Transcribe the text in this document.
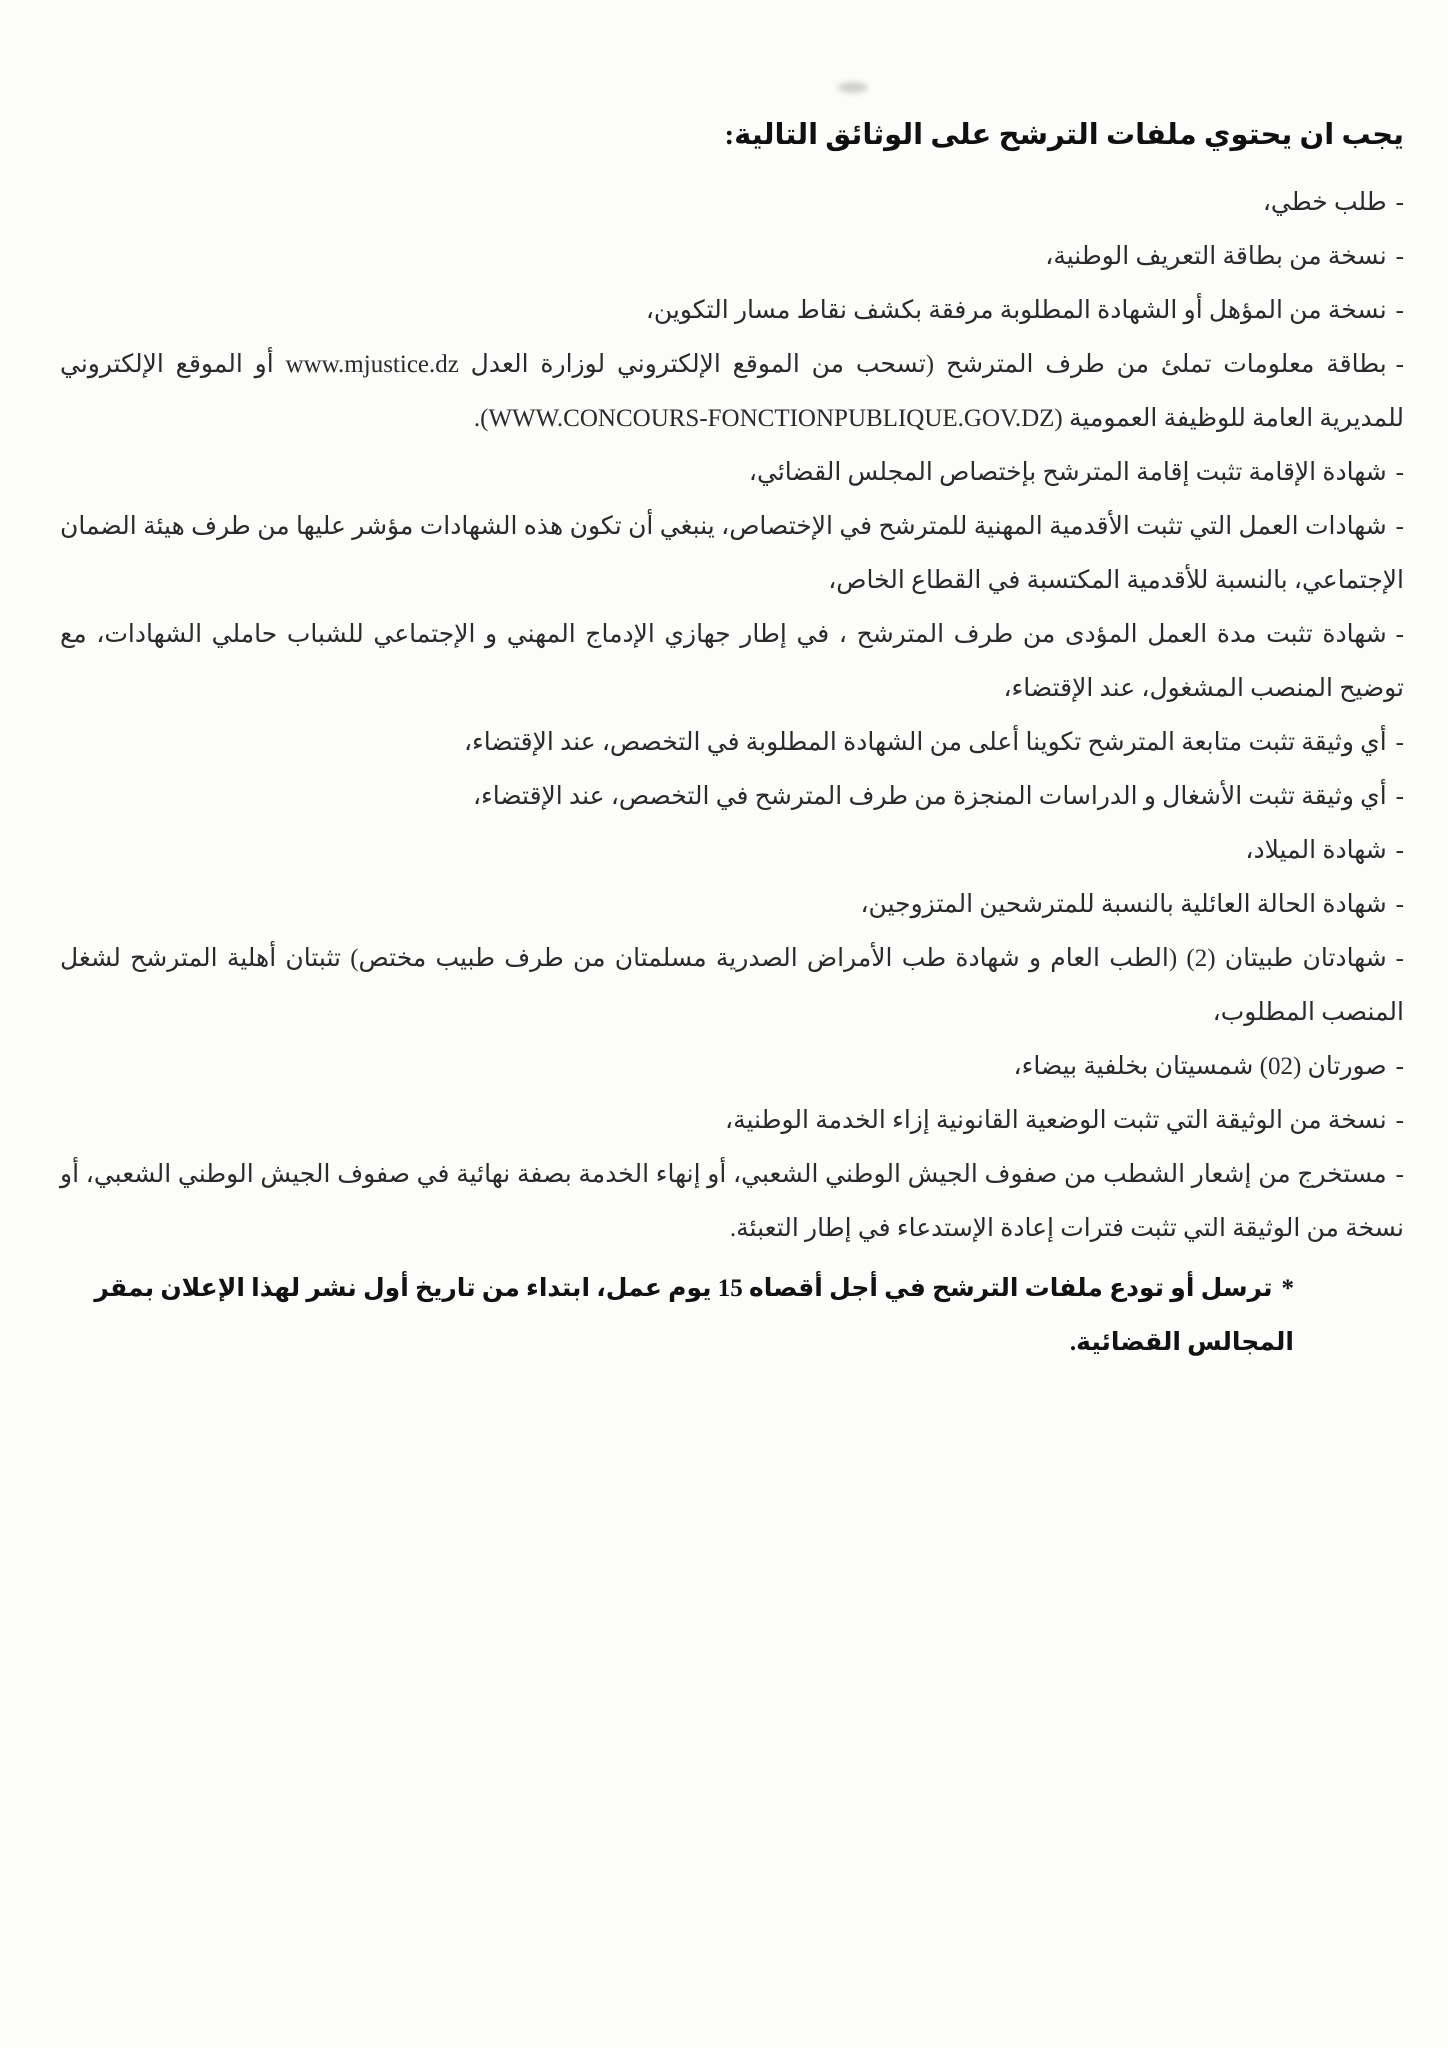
يجب ان يحتوي ملفات الترشح على الوثائق التالية:

-طلب خطي،

-نسخة من بطاقة التعريف الوطنية،

-نسخة من المؤهل أو الشهادة المطلوبة مرفقة بكشف نقاط مسار التكوين،

-بطاقة معلومات تملئ من طرف المترشح (تسحب من الموقع الإلكتروني لوزارة العدل www.mjustice.dz أو الموقع الإلكتروني للمديرية العامة للوظيفة العمومية (WWW.CONCOURS-FONCTIONPUBLIQUE.GOV.DZ).

-شهادة الإقامة تثبت إقامة المترشح بإختصاص المجلس القضائي،

-شهادات العمل التي تثبت الأقدمية المهنية للمترشح في الإختصاص، ينبغي أن تكون هذه الشهادات مؤشر عليها من طرف هيئة الضمان الإجتماعي، بالنسبة للأقدمية المكتسبة في القطاع الخاص،

-شهادة تثبت مدة العمل المؤدى من طرف المترشح ، في إطار جهازي الإدماج المهني و الإجتماعي للشباب حاملي الشهادات، مع توضيح المنصب المشغول، عند الإقتضاء،

-أي وثيقة تثبت متابعة المترشح تكوينا أعلى من الشهادة المطلوبة في التخصص، عند الإقتضاء،

-أي وثيقة تثبت الأشغال و الدراسات المنجزة من طرف المترشح في التخصص، عند الإقتضاء،

-شهادة الميلاد،

-شهادة الحالة العائلية بالنسبة للمترشحين المتزوجين،

-شهادتان طبيتان (2) (الطب العام و شهادة طب الأمراض الصدرية مسلمتان من طرف طبيب مختص) تثبتان أهلية المترشح لشغل المنصب المطلوب،

-صورتان (02) شمسيتان بخلفية بيضاء،

-نسخة من الوثيقة التي تثبت الوضعية القانونية إزاء الخدمة الوطنية،

-مستخرج من إشعار الشطب من صفوف الجيش الوطني الشعبي، أو إنهاء الخدمة بصفة نهائية في صفوف الجيش الوطني الشعبي، أو نسخة من الوثيقة التي تثبت فترات إعادة الإستدعاء في إطار التعبئة.

*ترسل أو تودع ملفات الترشح في أجل أقصاه 15 يوم عمل، ابتداء من تاريخ أول نشر لهذا الإعلان بمقر المجالس القضائية.
